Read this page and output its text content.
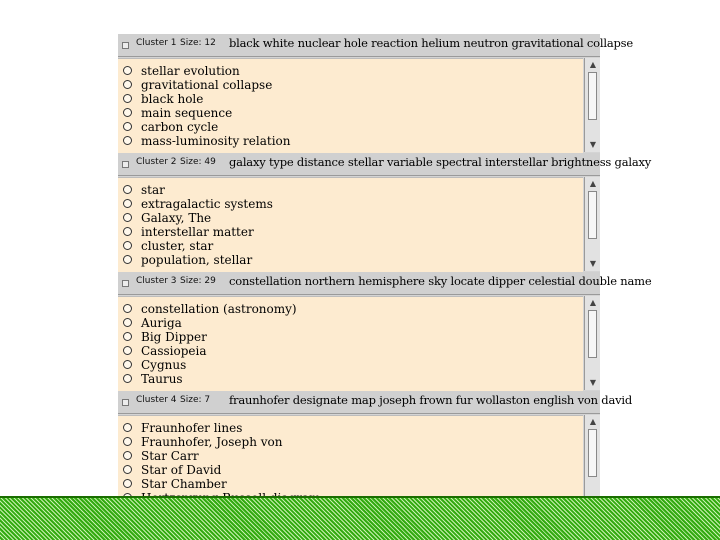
Cluster 1 Size: 12 black white nuclear hole reaction helium neutron gravitational collapse
stellar evolution
gravitational collapse
black hole
main sequence
carbon cycle
mass-luminosity relation
▲
▼
Cluster 2 Size: 49 galaxy type distance stellar variable spectral interstellar brightness galaxy
star
extragalactic systems
Galaxy, The
interstellar matter
cluster, star
population, stellar
▲
▼
Cluster 3 Size: 29 constellation northern hemisphere sky locate dipper celestial double name
constellation (astronomy)
Auriga
Big Dipper
Cassiopeia
Cygnus
Taurus
▲
▼
Cluster 4 Size: 7 fraunhofer designate map joseph frown fur wollaston english von david
Fraunhofer lines
Fraunhofer, Joseph von
Star Carr
Star of David
Star Chamber
▲
